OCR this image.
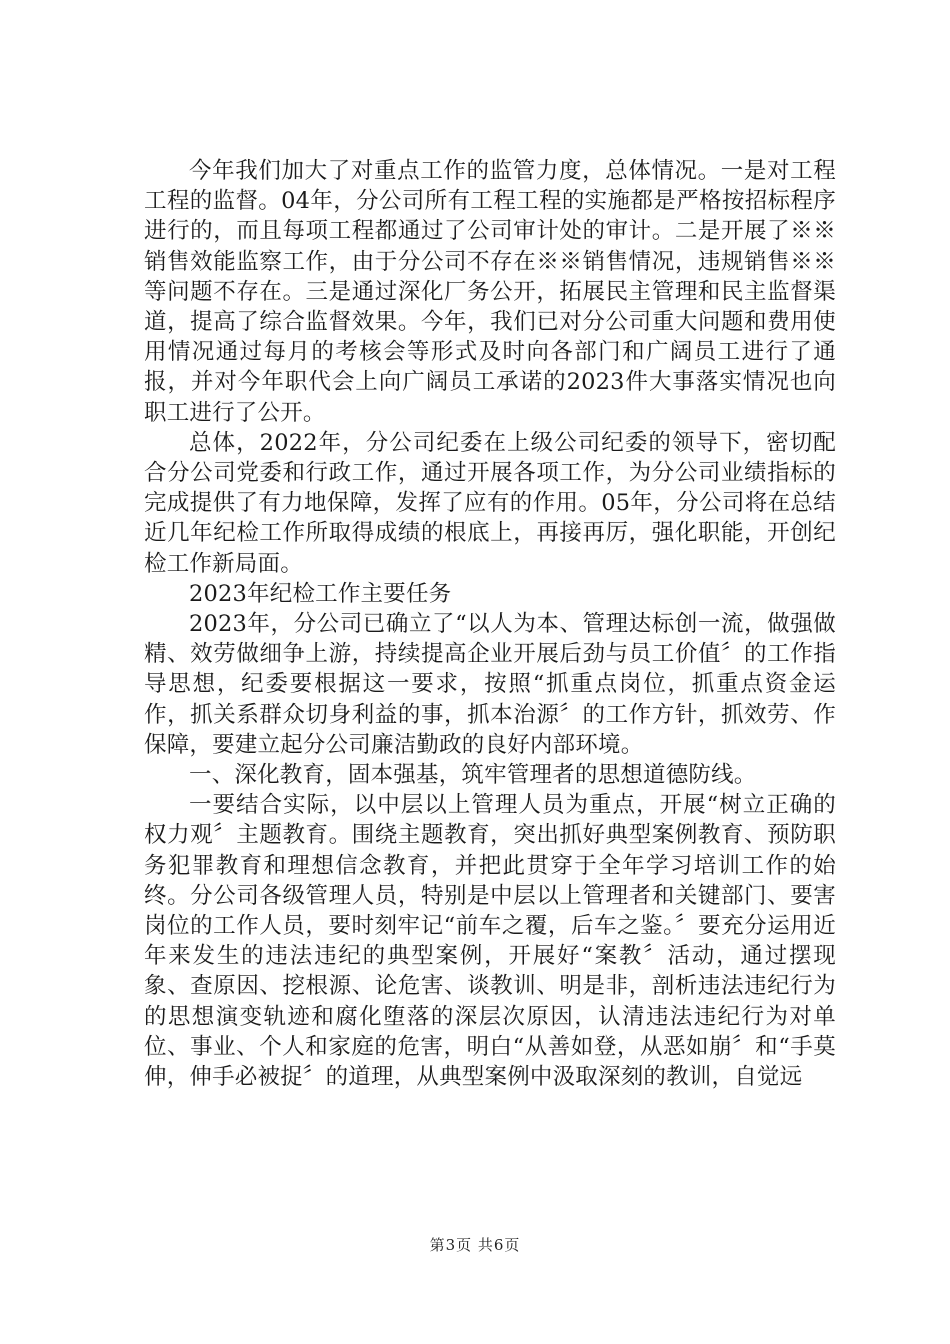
今年我们加大了对重点工作的监管力度，总体情况。一是对工程工程的监督。04年，分公司所有工程工程的实施都是严格按招标程序进行的，而且每项工程都通过了公司审计处的审计。二是开展了※※销售效能监察工作，由于分公司不存在※※销售情况，违规销售※※等问题不存在。三是通过深化厂务公开，拓展民主管理和民主监督渠道，提高了综合监督效果。今年，我们已对分公司重大问题和费用使用情况通过每月的考核会等形式及时向各部门和广阔员工进行了通报，并对今年职代会上向广阔员工承诺的2023件大事落实情况也向职工进行了公开。

总体，2022年，分公司纪委在上级公司纪委的领导下，密切配合分公司党委和行政工作，通过开展各项工作，为分公司业绩指标的完成提供了有力地保障，发挥了应有的作用。05年，分公司将在总结近几年纪检工作所取得成绩的根底上，再接再厉，强化职能，开创纪检工作新局面。

2023年纪检工作主要任务

2023年，分公司已确立了“以人为本、管理达标创一流，做强做精、效劳做细争上游，持续提高企业开展后劲与员工价值〞的工作指导思想，纪委要根据这一要求，按照“抓重点岗位，抓重点资金运作，抓关系群众切身利益的事，抓本治源〞的工作方针，抓效劳、作保障，要建立起分公司廉洁勤政的良好内部环境。

一、深化教育，固本强基，筑牢管理者的思想道德防线。

一要结合实际，以中层以上管理人员为重点，开展“树立正确的权力观〞主题教育。围绕主题教育，突出抓好典型案例教育、预防职务犯罪教育和理想信念教育，并把此贯穿于全年学习培训工作的始终。分公司各级管理人员，特别是中层以上管理者和关键部门、要害岗位的工作人员，要时刻牢记“前车之覆，后车之鉴。〞要充分运用近年来发生的违法违纪的典型案例，开展好“案教〞活动，通过摆现象、查原因、挖根源、论危害、谈教训、明是非，剖析违法违纪行为的思想演变轨迹和腐化堕落的深层次原因，认清违法违纪行为对单位、事业、个人和家庭的危害，明白“从善如登，从恶如崩〞和“手莫伸，伸手必被捉〞的道理，从典型案例中汲取深刻的教训，自觉远

第3页 共6页
